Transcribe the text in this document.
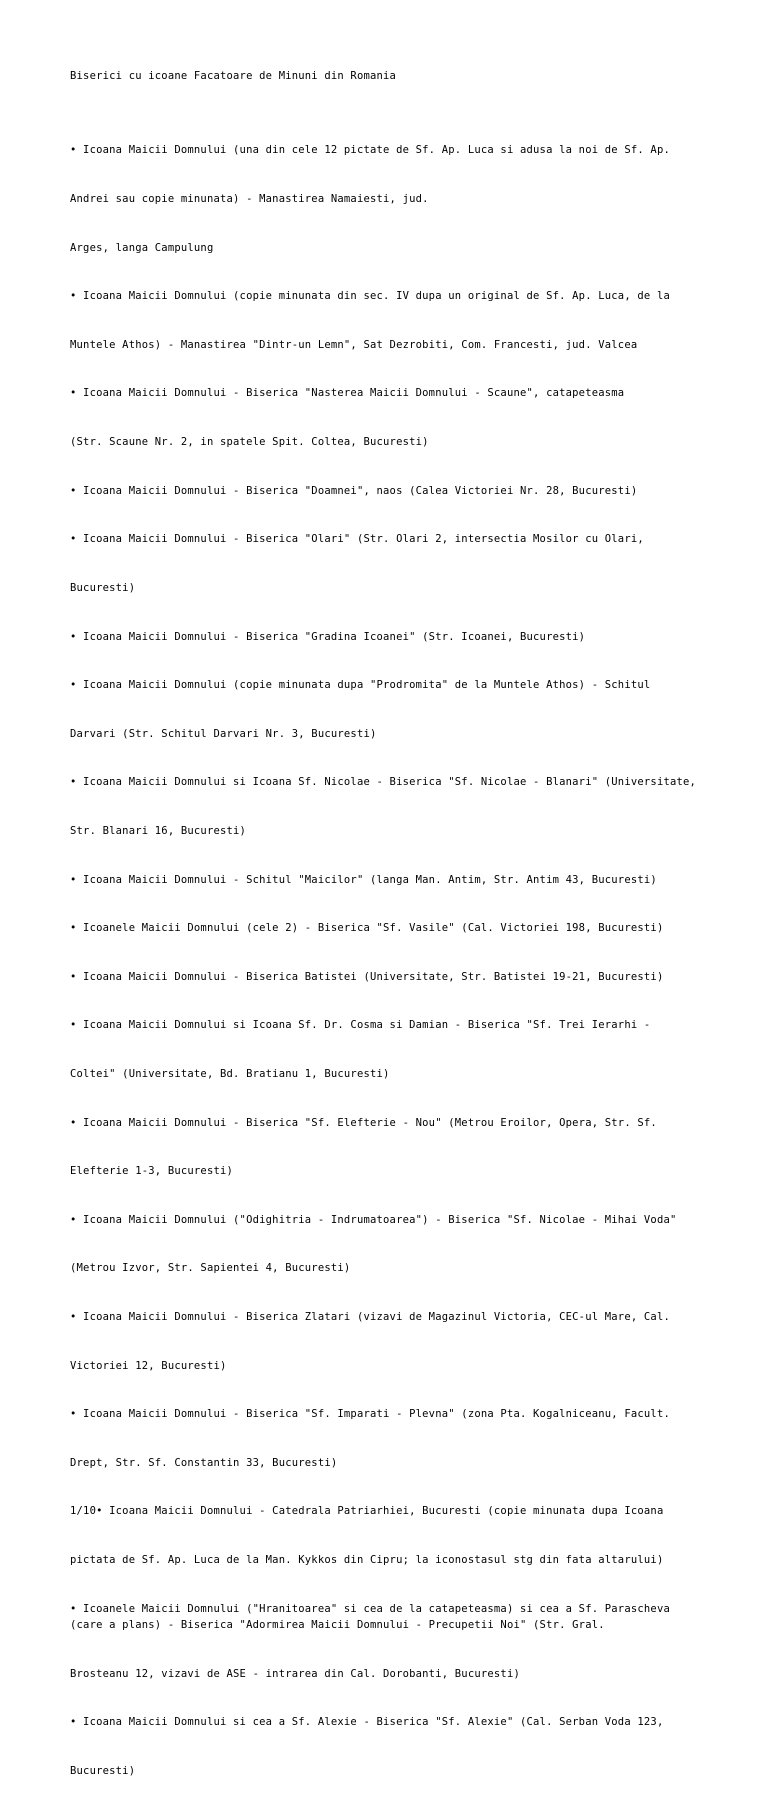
Biserici cu icoane Facatoare de Minuni din Romania

• Icoana Maicii Domnului (una din cele 12 pictate de Sf. Ap. Luca si adusa la noi de Sf. Ap.

Andrei sau copie minunata) - Manastirea Namaiesti, jud.

Arges, langa Campulung

• Icoana Maicii Domnului (copie minunata din sec. IV dupa un original de Sf. Ap. Luca, de la

Muntele Athos) - Manastirea "Dintr-un Lemn", Sat Dezrobiti, Com. Francesti, jud. Valcea

• Icoana Maicii Domnului - Biserica "Nasterea Maicii Domnului - Scaune", catapeteasma

(Str. Scaune Nr. 2, in spatele Spit. Coltea, Bucuresti)

• Icoana Maicii Domnului - Biserica "Doamnei", naos (Calea Victoriei Nr. 28, Bucuresti)

• Icoana Maicii Domnului - Biserica "Olari" (Str. Olari 2, intersectia Mosilor cu Olari,

Bucuresti)

• Icoana Maicii Domnului - Biserica "Gradina Icoanei" (Str. Icoanei, Bucuresti)

• Icoana Maicii Domnului (copie minunata dupa "Prodromita" de la Muntele Athos) - Schitul

Darvari (Str. Schitul Darvari Nr. 3, Bucuresti)

• Icoana Maicii Domnului si Icoana Sf. Nicolae - Biserica "Sf. Nicolae - Blanari" (Universitate,

Str. Blanari 16, Bucuresti)

• Icoana Maicii Domnului - Schitul "Maicilor" (langa Man. Antim, Str. Antim 43, Bucuresti)

• Icoanele Maicii Domnului (cele 2) - Biserica "Sf. Vasile" (Cal. Victoriei 198, Bucuresti)

• Icoana Maicii Domnului - Biserica Batistei (Universitate, Str. Batistei 19-21, Bucuresti)

• Icoana Maicii Domnului si Icoana Sf. Dr. Cosma si Damian - Biserica "Sf. Trei Ierarhi -

Coltei" (Universitate, Bd. Bratianu 1, Bucuresti)

• Icoana Maicii Domnului - Biserica "Sf. Elefterie - Nou" (Metrou Eroilor, Opera, Str. Sf.

Elefterie 1-3, Bucuresti)

• Icoana Maicii Domnului ("Odighitria - Indrumatoarea") - Biserica "Sf. Nicolae - Mihai Voda"

(Metrou Izvor, Str. Sapientei 4, Bucuresti)

• Icoana Maicii Domnului - Biserica Zlatari (vizavi de Magazinul Victoria, CEC-ul Mare, Cal.

Victoriei 12, Bucuresti)

• Icoana Maicii Domnului - Biserica "Sf. Imparati - Plevna" (zona Pta. Kogalniceanu, Facult.

Drept, Str. Sf. Constantin 33, Bucuresti)

1/10• Icoana Maicii Domnului - Catedrala Patriarhiei, Bucuresti (copie minunata dupa Icoana

pictata de Sf. Ap. Luca de la Man. Kykkos din Cipru; la iconostasul stg din fata altarului)

• Icoanele Maicii Domnului ("Hranitoarea" si cea de la catapeteasma) si cea a Sf. Parascheva (care a plans) - Biserica "Adormirea Maicii Domnului - Precupetii Noi" (Str. Gral.

Brosteanu 12, vizavi de ASE - intrarea din Cal. Dorobanti, Bucuresti)

• Icoana Maicii Domnului si cea a Sf. Alexie - Biserica "Sf. Alexie" (Cal. Serban Voda 123,

Bucuresti)
